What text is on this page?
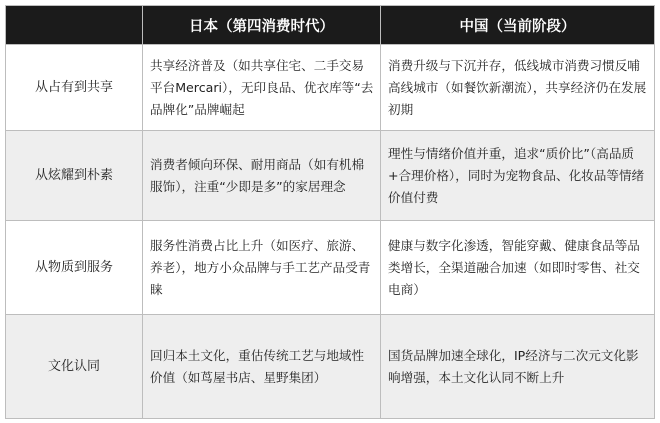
	日本（第四消费时代）	中国（当前阶段）
从占有到共享	共享经济普及（如共享住宅、二手交易平台Mercari），无印良品、优衣库等“去品牌化”品牌崛起	消费升级与下沉并存，低线城市消费习惯反哺高线城市（如餐饮新潮流），共享经济仍在发展初期
从炫耀到朴素	消费者倾向环保、耐用商品（如有机棉服饰），注重“少即是多”的家居理念	理性与情绪价值并重，追求“质价比”（高品质+合理价格），同时为宠物食品、化妆品等情绪价值付费
从物质到服务	服务性消费占比上升（如医疗、旅游、养老），地方小众品牌与手工艺产品受青睐	健康与数字化渗透，智能穿戴、健康食品等品类增长，全渠道融合加速（如即时零售、社交电商）
文化认同	回归本土文化，重估传统工艺与地域性价值（如茑屋书店、星野集团）	国货品牌加速全球化，IP经济与二次元文化影响增强，本土文化认同不断上升
